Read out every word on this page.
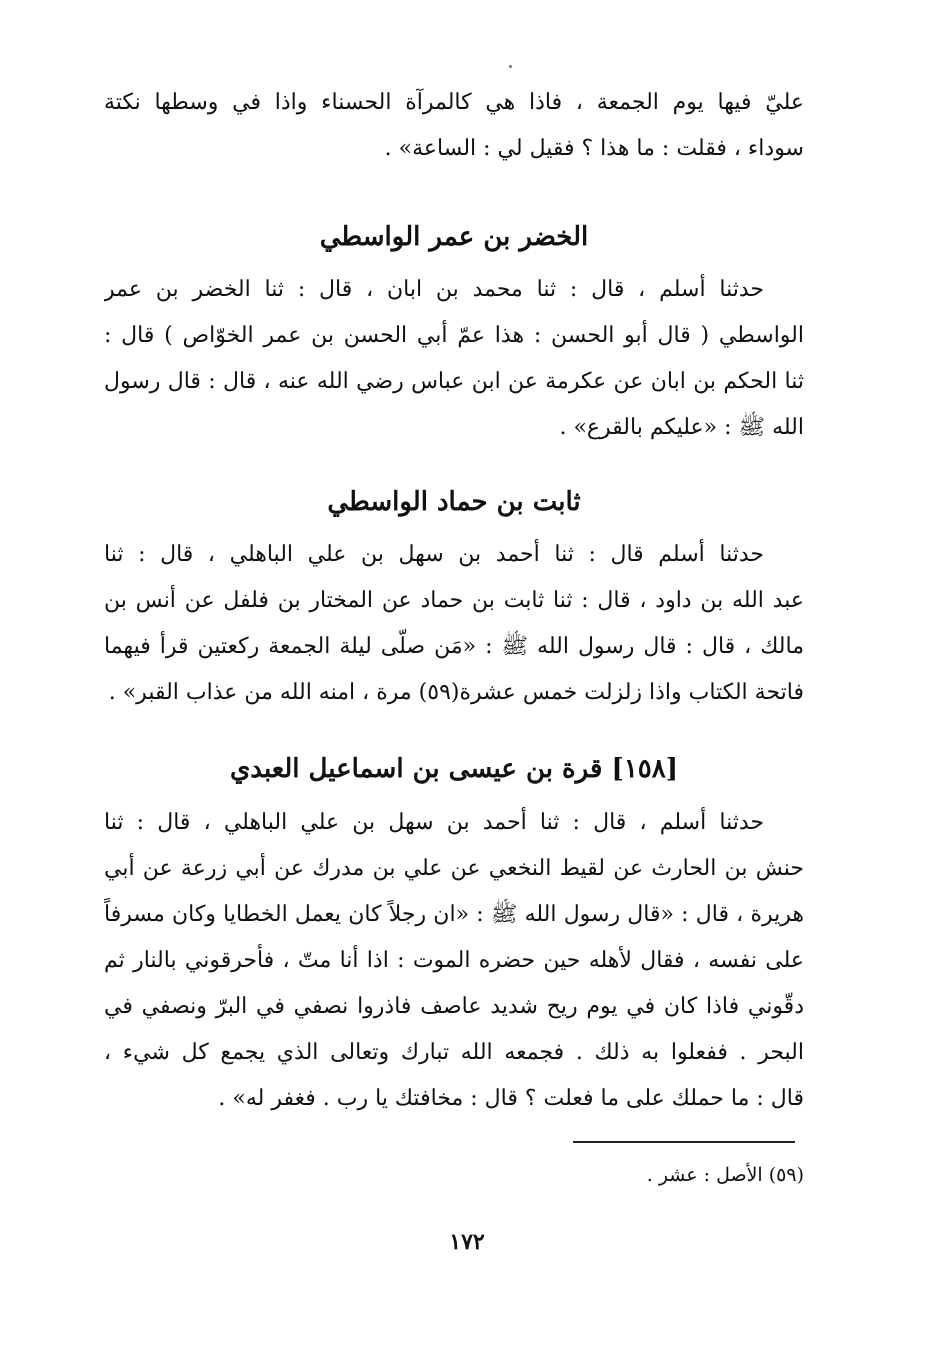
عليّ فيها يوم الجمعة ، فاذا هي كالمرآة الحسناء واذا في وسطها نكتة
سوداء ، فقلت : ما هذا ؟ فقيل لي : الساعة» .
الخضر بن عمر الواسطي
حدثنا أسلم ، قال : ثنا محمد بن ابان ، قال : ثنا الخضر بن عمر
الواسطي ( قال أبو الحسن : هذا عمّ أبي الحسن بن عمر الخوّاص ) قال :
ثنا الحكم بن ابان عن عكرمة عن ابن عباس رضي الله عنه ، قال : قال رسول
الله ﷺ : «عليكم بالقرع» .
ثابت بن حماد الواسطي
حدثنا أسلم قال : ثنا أحمد بن سهل بن علي الباهلي ، قال : ثنا
عبد الله بن داود ، قال : ثنا ثابت بن حماد عن المختار بن فلفل عن أنس بن
مالك ، قال : قال رسول الله ﷺ : «مَن صلّى ليلة الجمعة ركعتين قرأ فيهما
فاتحة الكتاب واذا زلزلت خمس عشرة(٥٩) مرة ، امنه الله من عذاب القبر» .
[١٥٨] قرة بن عيسى بن اسماعيل العبدي
حدثنا أسلم ، قال : ثنا أحمد بن سهل بن علي الباهلي ، قال : ثنا
حنش بن الحارث عن لقيط النخعي عن علي بن مدرك عن أبي زرعة عن أبي
هريرة ، قال : «قال رسول الله ﷺ : «ان رجلاً كان يعمل الخطايا وكان مسرفاً
على نفسه ، فقال لأهله حين حضره الموت : اذا أنا متّ ، فأحرقوني بالنار ثم
دقّوني فاذا كان في يوم ريح شديد عاصف فاذروا نصفي في البرّ ونصفي في
البحر . ففعلوا به ذلك . فجمعه الله تبارك وتعالى الذي يجمع كل شيء ،
قال : ما حملك على ما فعلت ؟ قال : مخافتك يا رب . فغفر له» .
(٥٩) الأصل : عشر .
١٧٢
